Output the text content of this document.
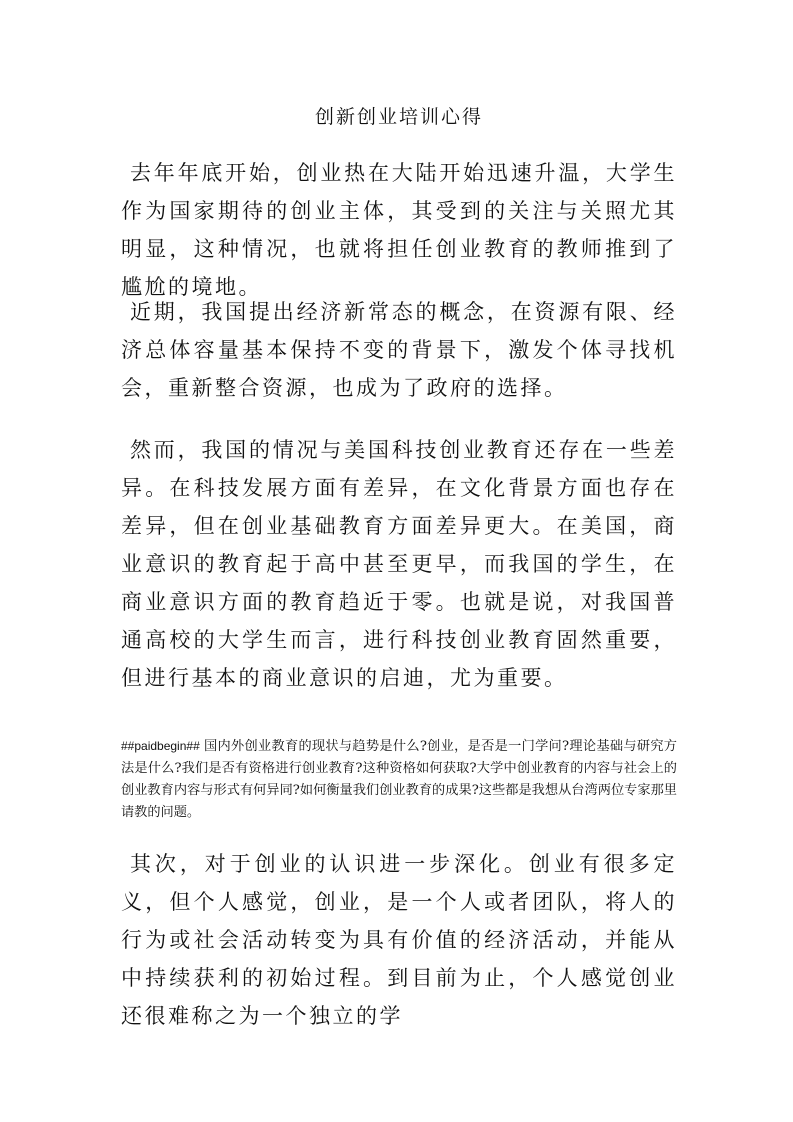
创新创业培训心得

去年年底开始，创业热在大陆开始迅速升温，大学生作为国家期待的创业主体，其受到的关注与关照尤其明显，这种情况，也就将担任创业教育的教师推到了尴尬的境地。

近期，我国提出经济新常态的概念，在资源有限、经济总体容量基本保持不变的背景下，激发个体寻找机会，重新整合资源，也成为了政府的选择。

然而，我国的情况与美国科技创业教育还存在一些差异。在科技发展方面有差异，在文化背景方面也存在差异，但在创业基础教育方面差异更大。在美国，商业意识的教育起于高中甚至更早，而我国的学生，在商业意识方面的教育趋近于零。也就是说，对我国普通高校的大学生而言，进行科技创业教育固然重要，但进行基本的商业意识的启迪，尤为重要。

##paidbegin## 国内外创业教育的现状与趋势是什么?创业，是否是一门学问?理论基础与研究方法是什么?我们是否有资格进行创业教育?这种资格如何获取?大学中创业教育的内容与社会上的创业教育内容与形式有何异同?如何衡量我们创业教育的成果?这些都是我想从台湾两位专家那里请教的问题。

其次，对于创业的认识进一步深化。创业有很多定义，但个人感觉，创业，是一个人或者团队，将人的行为或社会活动转变为具有价值的经济活动，并能从中持续获利的初始过程。到目前为止，个人感觉创业还很难称之为一个独立的学
